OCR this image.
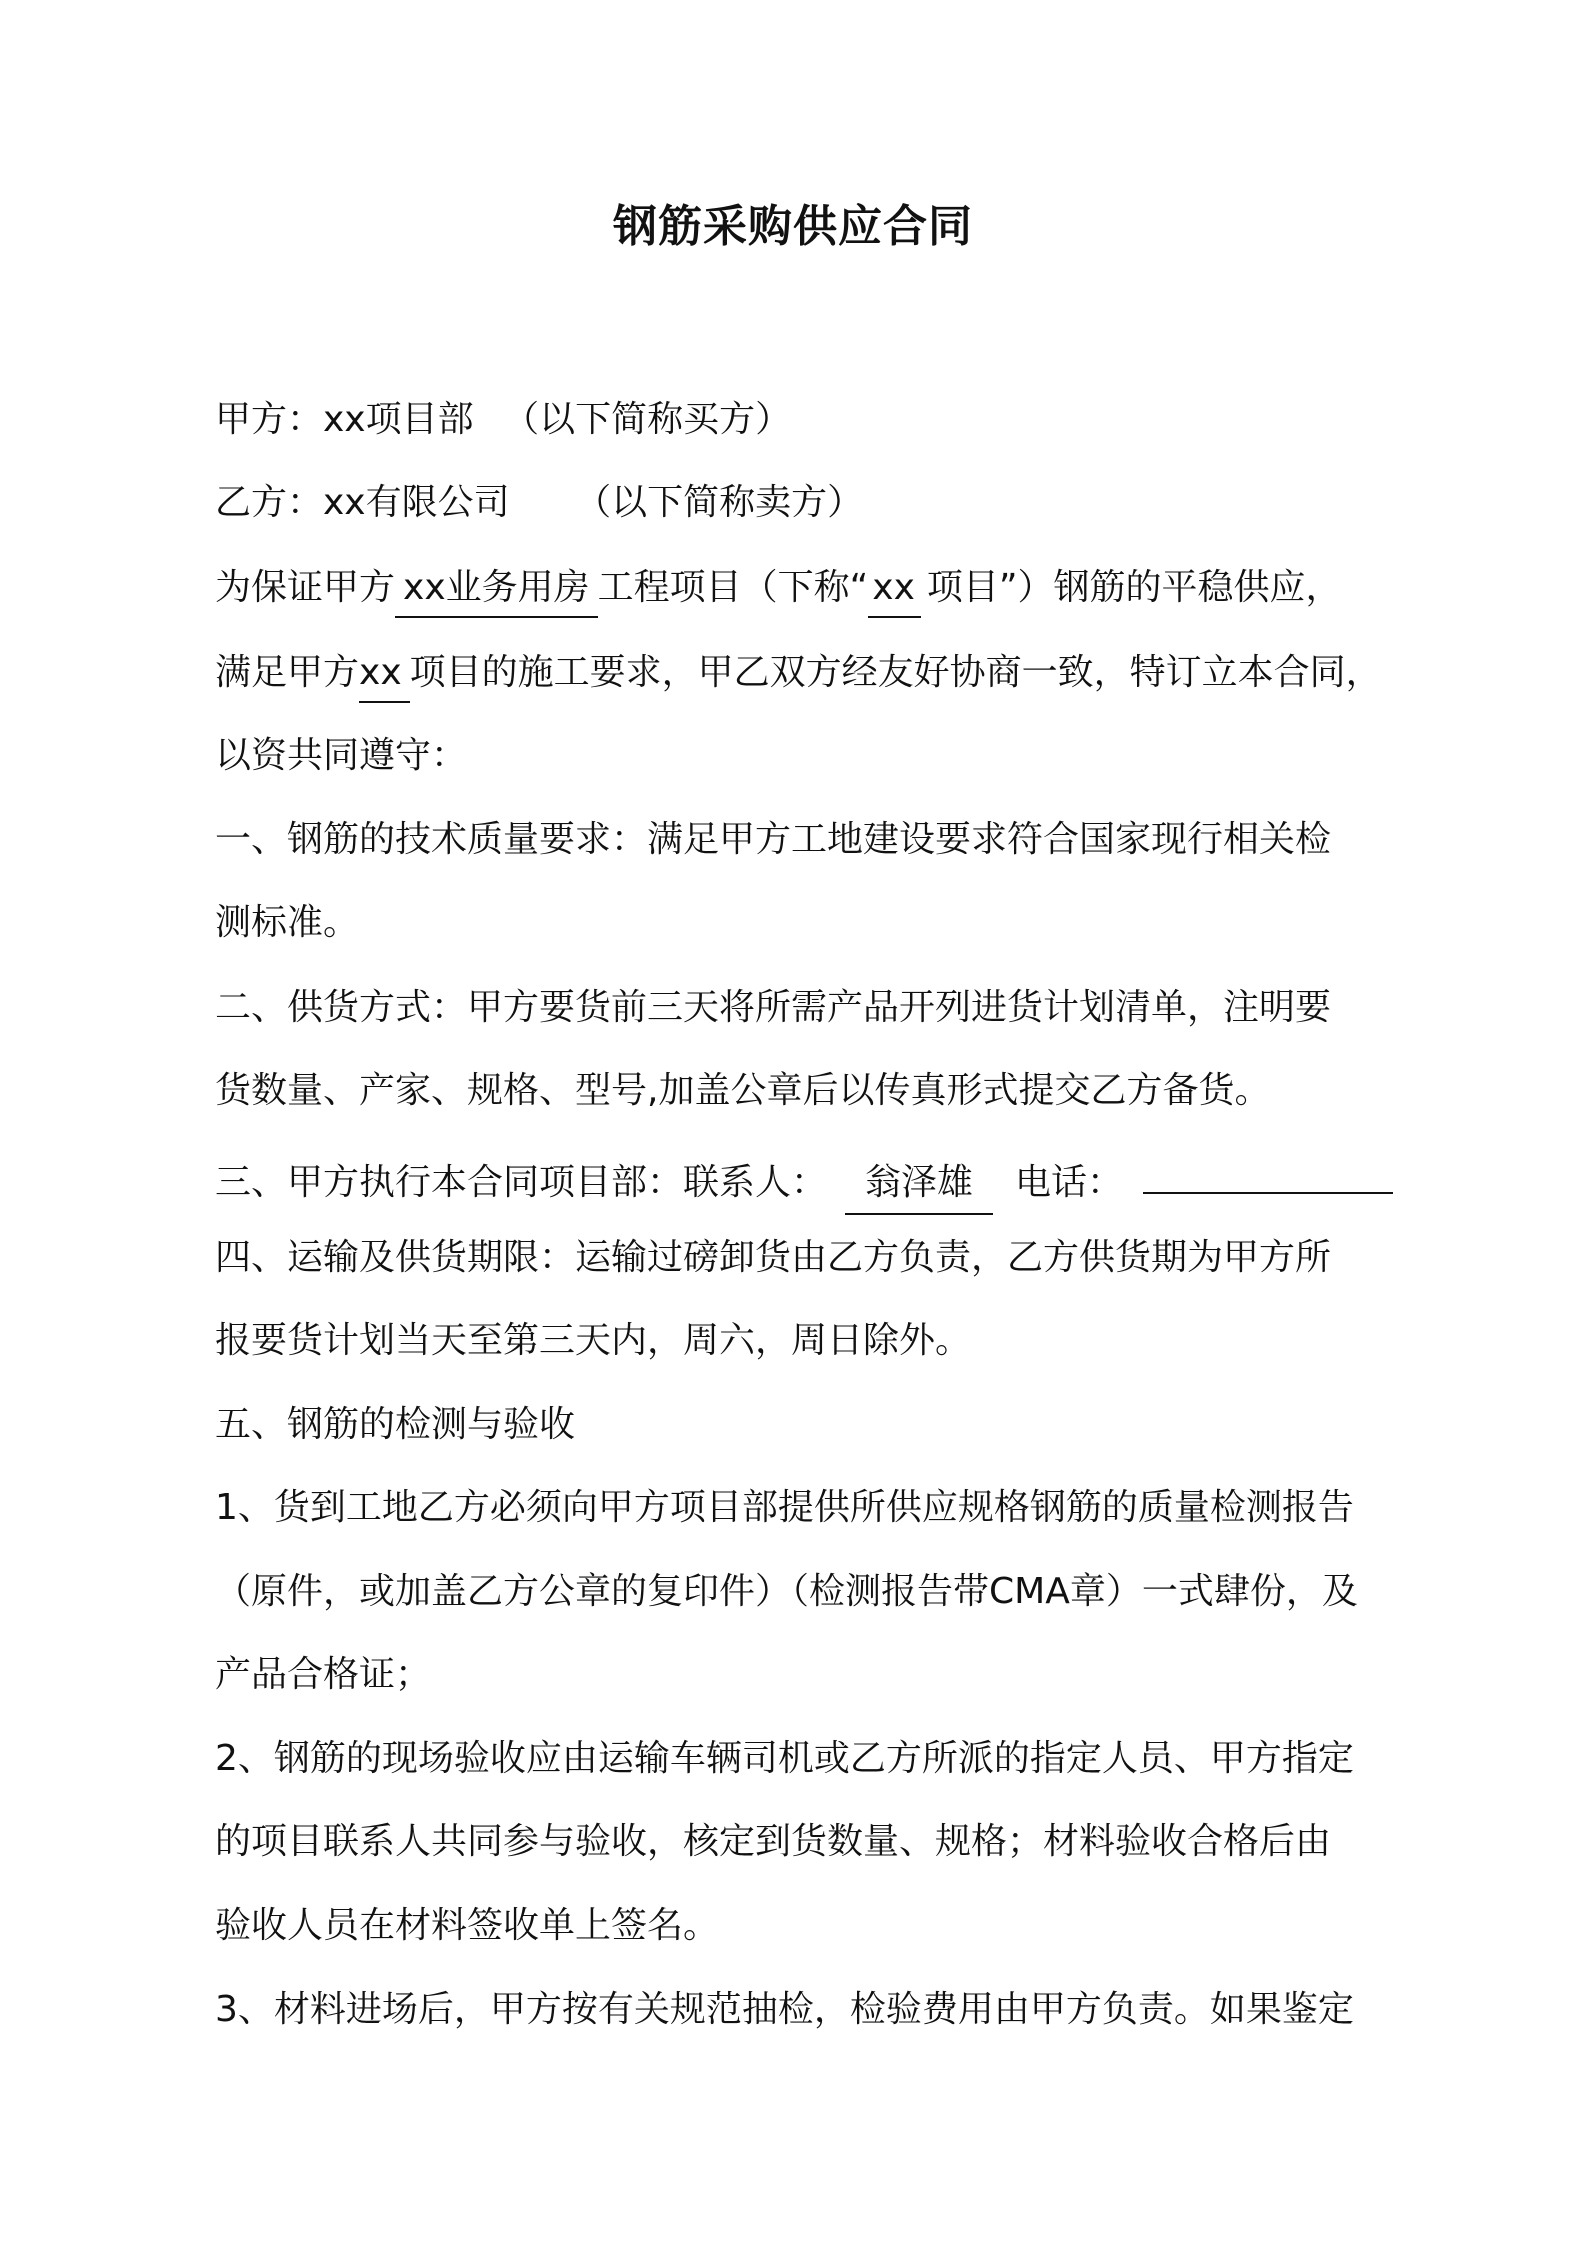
钢筋采购供应合同
甲方：xx项目部 （以下简称买方）
乙方：xx有限公司 （以下简称卖方）
为保证甲方 xx业务用房 工程项目（下称“ xx 项目”）钢筋的平稳供应，
满足甲方xx 项目的施工要求，甲乙双方经友好协商一致，特订立本合同，
以资共同遵守：
一、钢筋的技术质量要求：满足甲方工地建设要求符合国家现行相关检
测标准。
二、供货方式：甲方要货前三天将所需产品开列进货计划清单，注明要
货数量、产家、规格、型号,加盖公章后以传真形式提交乙方备货。
三、甲方执行本合同项目部：联系人： 翁泽雄 电话：
四、运输及供货期限：运输过磅卸货由乙方负责，乙方供货期为甲方所
报要货计划当天至第三天内，周六，周日除外。
五、钢筋的检测与验收
1、货到工地乙方必须向甲方项目部提供所供应规格钢筋的质量检测报告
（原件，或加盖乙方公章的复印件）（检测报告带CMA章）一式肆份，及
产品合格证；
2、钢筋的现场验收应由运输车辆司机或乙方所派的指定人员、甲方指定
的项目联系人共同参与验收，核定到货数量、规格；材料验收合格后由
验收人员在材料签收单上签名。
3、材料进场后，甲方按有关规范抽检，检验费用由甲方负责。如果鉴定
